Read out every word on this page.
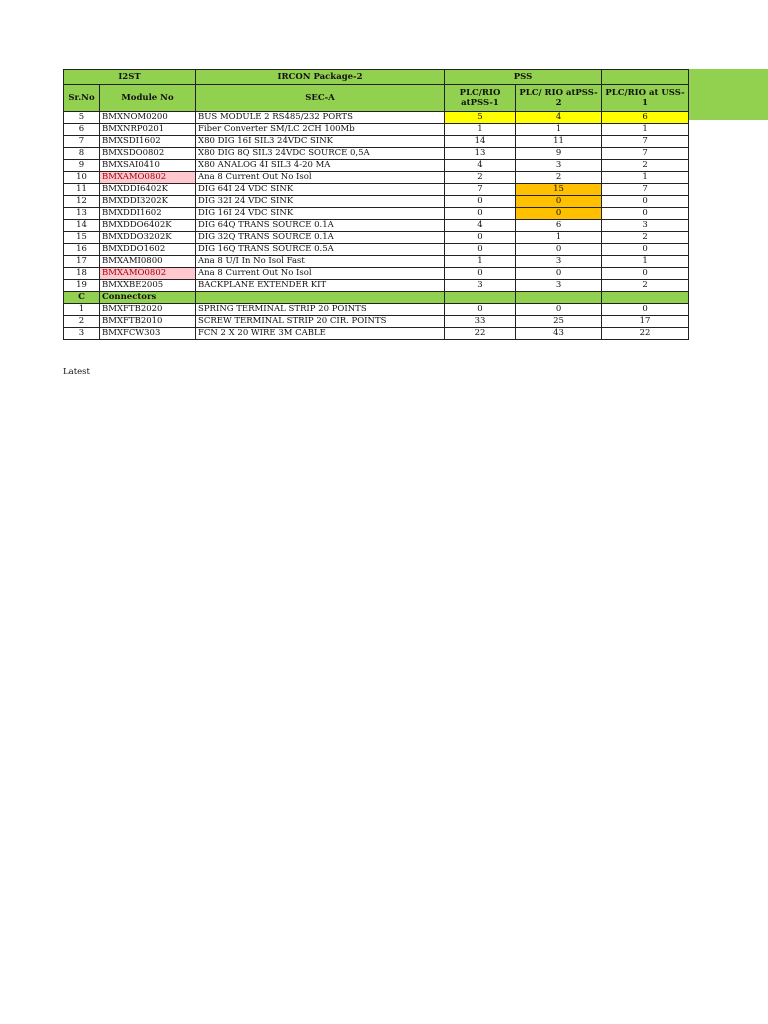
I2ST		IRCON Package-2	PSS		
Sr.No	Module No	SEC-A	PLC/RIO atPSS-1	PLC/ RIO atPSS-2	PLC/RIO at USS-1
5	BMXNOM0200	BUS MODULE 2 RS485/232 PORTS	5	4	6
6	BMXNRP0201	Fiber Converter SM/LC 2CH 100Mb	1	1	1
7	BMXSDI1602	X80 DIG 16I SIL3 24VDC SINK	14	11	7
8	BMXSDO0802	X80 DIG 8Q SIL3 24VDC SOURCE 0,5A	13	9	7
9	BMXSAI0410	X80 ANALOG 4I SIL3 4-20 MA	4	3	2
10	BMXAMO0802	Ana 8 Current Out No Isol	2	2	1
11	BMXDDI6402K	DIG 64I 24 VDC SINK	7	15	7
12	BMXDDI3202K	DIG 32I 24 VDC SINK	0	0	0
13	BMXDDI1602	DIG 16I 24 VDC SINK	0	0	0
14	BMXDDO6402K	DIG 64Q TRANS SOURCE 0.1A	4	6	3
15	BMXDDO3202K	DIG 32Q TRANS SOURCE 0.1A	0	1	2
16	BMXDDO1602	DIG 16Q TRANS SOURCE 0.5A	0	0	0
17	BMXAMI0800	Ana 8 U/I In No Isol Fast	1	3	1
18	BMXAMO0802	Ana 8 Current Out No Isol	0	0	0
19	BMXXBE2005	BACKPLANE EXTENDER KIT	3	3	2
C	Connectors				
1	BMXFTB2020	SPRING TERMINAL STRIP 20 POINTS	0	0	0
2	BMXFTB2010	SCREW TERMINAL STRIP 20 CIR. POINTS	33	25	17
3	BMXFCW303	FCN 2 X 20 WIRE 3M CABLE	22	43	22
Latest
